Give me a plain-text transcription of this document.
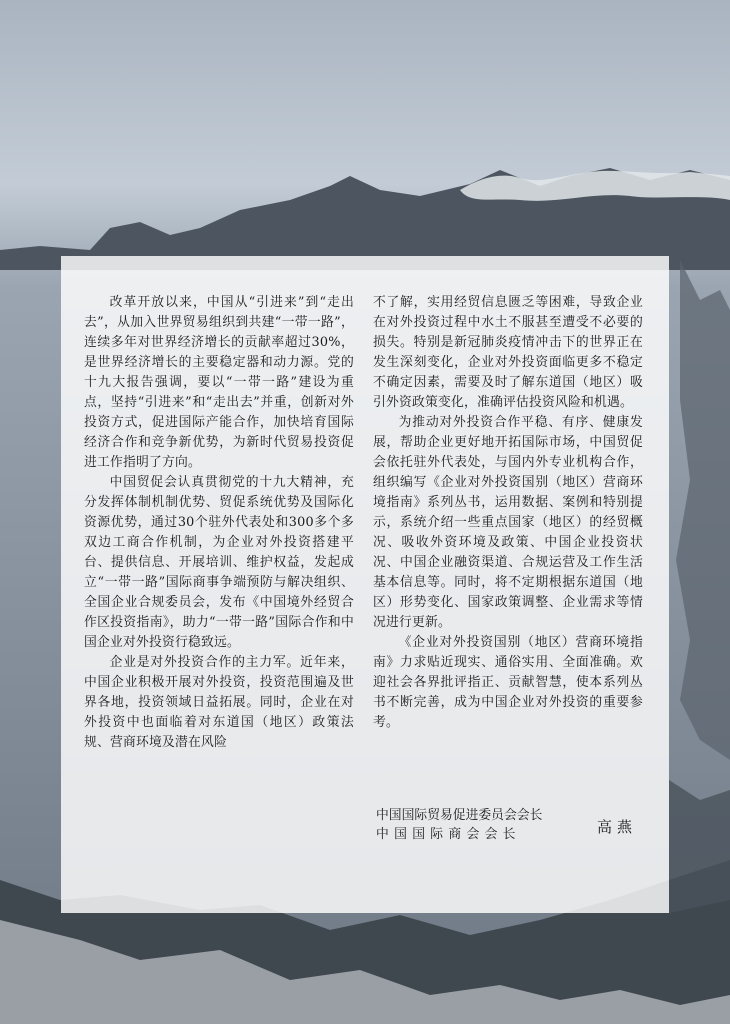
改革开放以来，中国从“引进来”到“走出去”，从加入世界贸易组织到共建“一带一路”，连续多年对世界经济增长的贡献率超过30%，是世界经济增长的主要稳定器和动力源。党的十九大报告强调，要以“一带一路”建设为重点，坚持“引进来”和“走出去”并重，创新对外投资方式，促进国际产能合作，加快培育国际经济合作和竞争新优势，为新时代贸易投资促进工作指明了方向。

中国贸促会认真贯彻党的十九大精神，充分发挥体制机制优势、贸促系统优势及国际化资源优势，通过30个驻外代表处和300多个多双边工商合作机制，为企业对外投资搭建平台、提供信息、开展培训、维护权益，发起成立“一带一路”国际商事争端预防与解决组织、全国企业合规委员会，发布《中国境外经贸合作区投资指南》，助力“一带一路”国际合作和中国企业对外投资行稳致远。

企业是对外投资合作的主力军。近年来，中国企业积极开展对外投资，投资范围遍及世界各地，投资领域日益拓展。同时，企业在对外投资中也面临着对东道国（地区）政策法规、营商环境及潜在风险

不了解，实用经贸信息匮乏等困难，导致企业在对外投资过程中水土不服甚至遭受不必要的损失。特别是新冠肺炎疫情冲击下的世界正在发生深刻变化，企业对外投资面临更多不稳定不确定因素，需要及时了解东道国（地区）吸引外资政策变化，准确评估投资风险和机遇。

为推动对外投资合作平稳、有序、健康发展，帮助企业更好地开拓国际市场，中国贸促会依托驻外代表处，与国内外专业机构合作，组织编写《企业对外投资国别（地区）营商环境指南》系列丛书，运用数据、案例和特别提示，系统介绍一些重点国家（地区）的经贸概况、吸收外资环境及政策、中国企业投资状况、中国企业融资渠道、合规运营及工作生活基本信息等。同时，将不定期根据东道国（地区）形势变化、国家政策调整、企业需求等情况进行更新。

《企业对外投资国别（地区）营商环境指南》力求贴近现实、通俗实用、全面准确。欢迎社会各界批评指正、贡献智慧，使本系列丛书不断完善，成为中国企业对外投资的重要参考。

中国国际贸易促进委员会会长
中国国际商会会长	高燕
